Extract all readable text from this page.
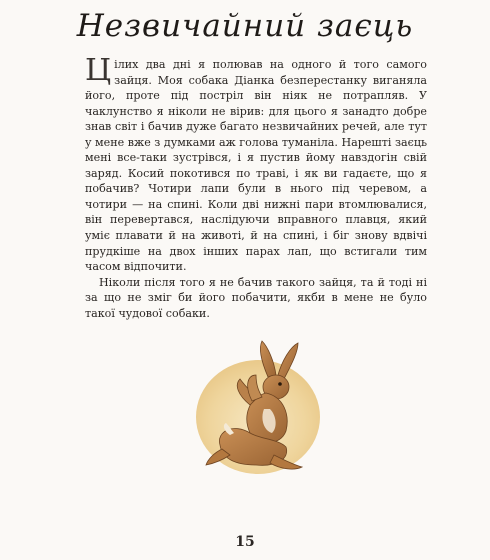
Незвичайний заєць

Цілих два дні я полював на одного й того самого зайця. Моя собака Діанка безперестанку виганяла його, проте під постріл він ніяк не потрапляв. У чаклунство я ніколи не вірив: для цього я занадто добре знав світ і бачив дуже багато незвичайних речей, але тут у мене вже з думками аж голова туманіла. Нарешті заєць мені все-таки зустрівся, і я пустив йому навздогін свій заряд. Косий покотився по траві, і як ви гадаєте, що я побачив? Чотири лапи були в нього під черевом, а чотири — на спині. Коли дві нижні пари втомлювалися, він перевертався, наслідуючи вправного плавця, який уміє плавати й на животі, й на спині, і біг знову вдвічі прудкіше на двох інших парах лап, що встигали тим часом відпочити.

Ніколи після того я не бачив такого зайця, та й тоді ні за що не зміг би його побачити, якби в мене не було такої чудової собаки.

15
